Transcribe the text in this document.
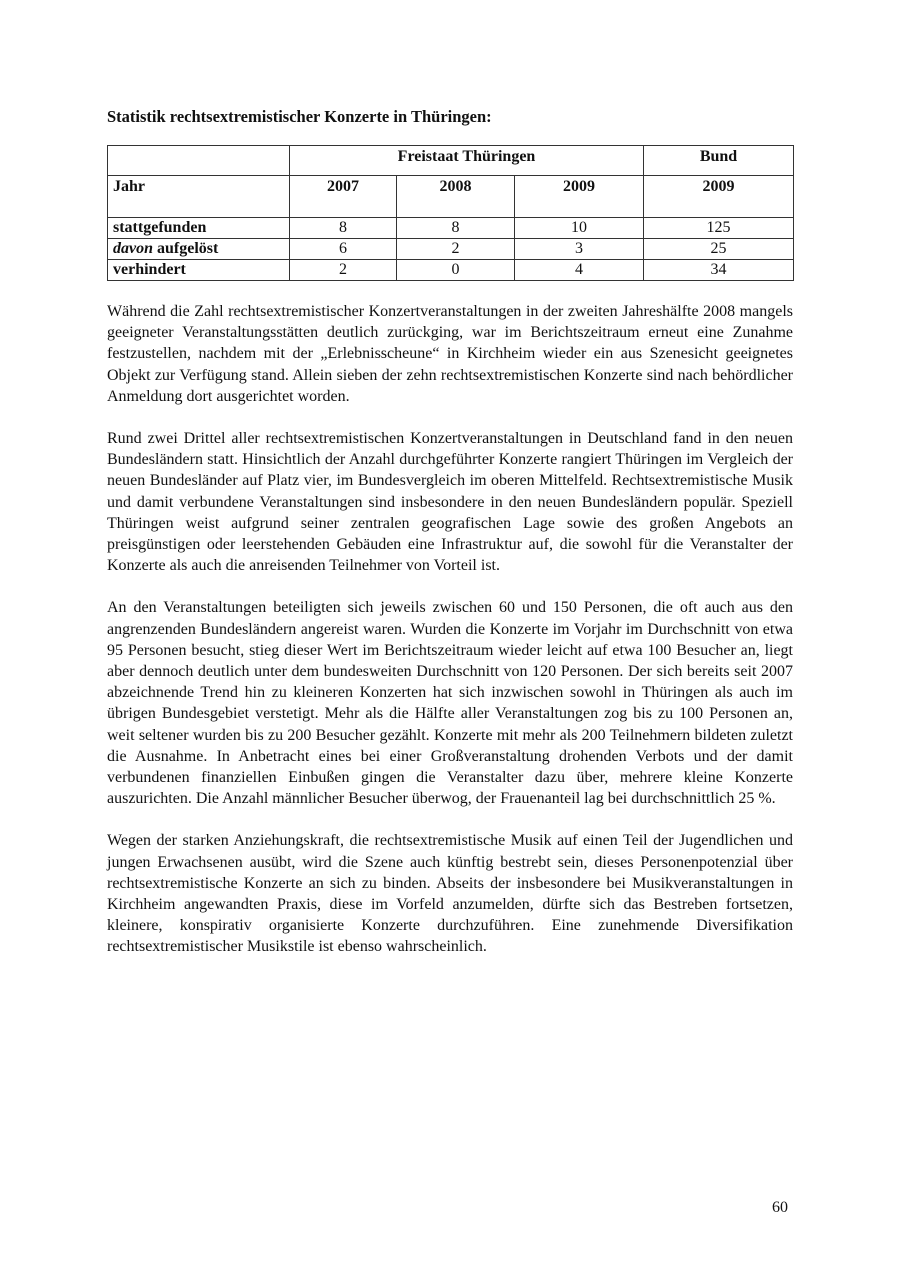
Statistik rechtsextremistischer Konzerte in Thüringen:
	Freistaat Thüringen			Bund
Jahr	2007	2008	2009	2009
stattgefunden	8	8	10	125
davon aufgelöst	6	2	3	25
verhindert	2	0	4	34

Während die Zahl rechtsextremistischer Konzertveranstaltungen in der zweiten Jahreshälfte 2008 mangels geeigneter Veranstaltungsstätten deutlich zurückging, war im Berichtszeitraum erneut eine Zunahme festzustellen, nachdem mit der „Erlebnisscheune“ in Kirchheim wieder ein aus Szenesicht geeignetes Objekt zur Verfügung stand. Allein sieben der zehn rechtsextremistischen Konzerte sind nach behördlicher Anmeldung dort ausgerichtet worden.

Rund zwei Drittel aller rechtsextremistischen Konzertveranstaltungen in Deutschland fand in den neuen Bundesländern statt. Hinsichtlich der Anzahl durchgeführter Konzerte rangiert Thüringen im Vergleich der neuen Bundesländer auf Platz vier, im Bundesvergleich im oberen Mittelfeld. Rechtsextremistische Musik und damit verbundene Veranstaltungen sind insbesondere in den neuen Bundesländern populär. Speziell Thüringen weist aufgrund seiner zentralen geografischen Lage sowie des großen Angebots an preisgünstigen oder leerstehenden Gebäuden eine Infrastruktur auf, die sowohl für die Veranstalter der Konzerte als auch die anreisenden Teilnehmer von Vorteil ist.

An den Veranstaltungen beteiligten sich jeweils zwischen 60 und 150 Personen, die oft auch aus den angrenzenden Bundesländern angereist waren. Wurden die Konzerte im Vorjahr im Durchschnitt von etwa 95 Personen besucht, stieg dieser Wert im Berichtszeitraum wieder leicht auf etwa 100 Besucher an, liegt aber dennoch deutlich unter dem bundesweiten Durchschnitt von 120 Personen. Der sich bereits seit 2007 abzeichnende Trend hin zu kleineren Konzerten hat sich inzwischen sowohl in Thüringen als auch im übrigen Bundesgebiet verstetigt. Mehr als die Hälfte aller Veranstaltungen zog bis zu 100 Personen an, weit seltener wurden bis zu 200 Besucher gezählt. Konzerte mit mehr als 200 Teilnehmern bildeten zuletzt die Ausnahme. In Anbetracht eines bei einer Großveranstaltung drohenden Verbots und der damit verbundenen finanziellen Einbußen gingen die Veranstalter dazu über, mehrere kleine Konzerte auszurichten. Die Anzahl männlicher Besucher überwog, der Frauenanteil lag bei durchschnittlich 25 %.

Wegen der starken Anziehungskraft, die rechtsextremistische Musik auf einen Teil der Jugendlichen und jungen Erwachsenen ausübt, wird die Szene auch künftig bestrebt sein, dieses Personenpotenzial über rechtsextremistische Konzerte an sich zu binden. Abseits der insbesondere bei Musikveranstaltungen in Kirchheim angewandten Praxis, diese im Vorfeld anzumelden, dürfte sich das Bestreben fortsetzen, kleinere, konspirativ organisierte Konzerte durchzuführen. Eine zunehmende Diversifikation rechtsextremistischer Musikstile ist ebenso wahrscheinlich.

60
